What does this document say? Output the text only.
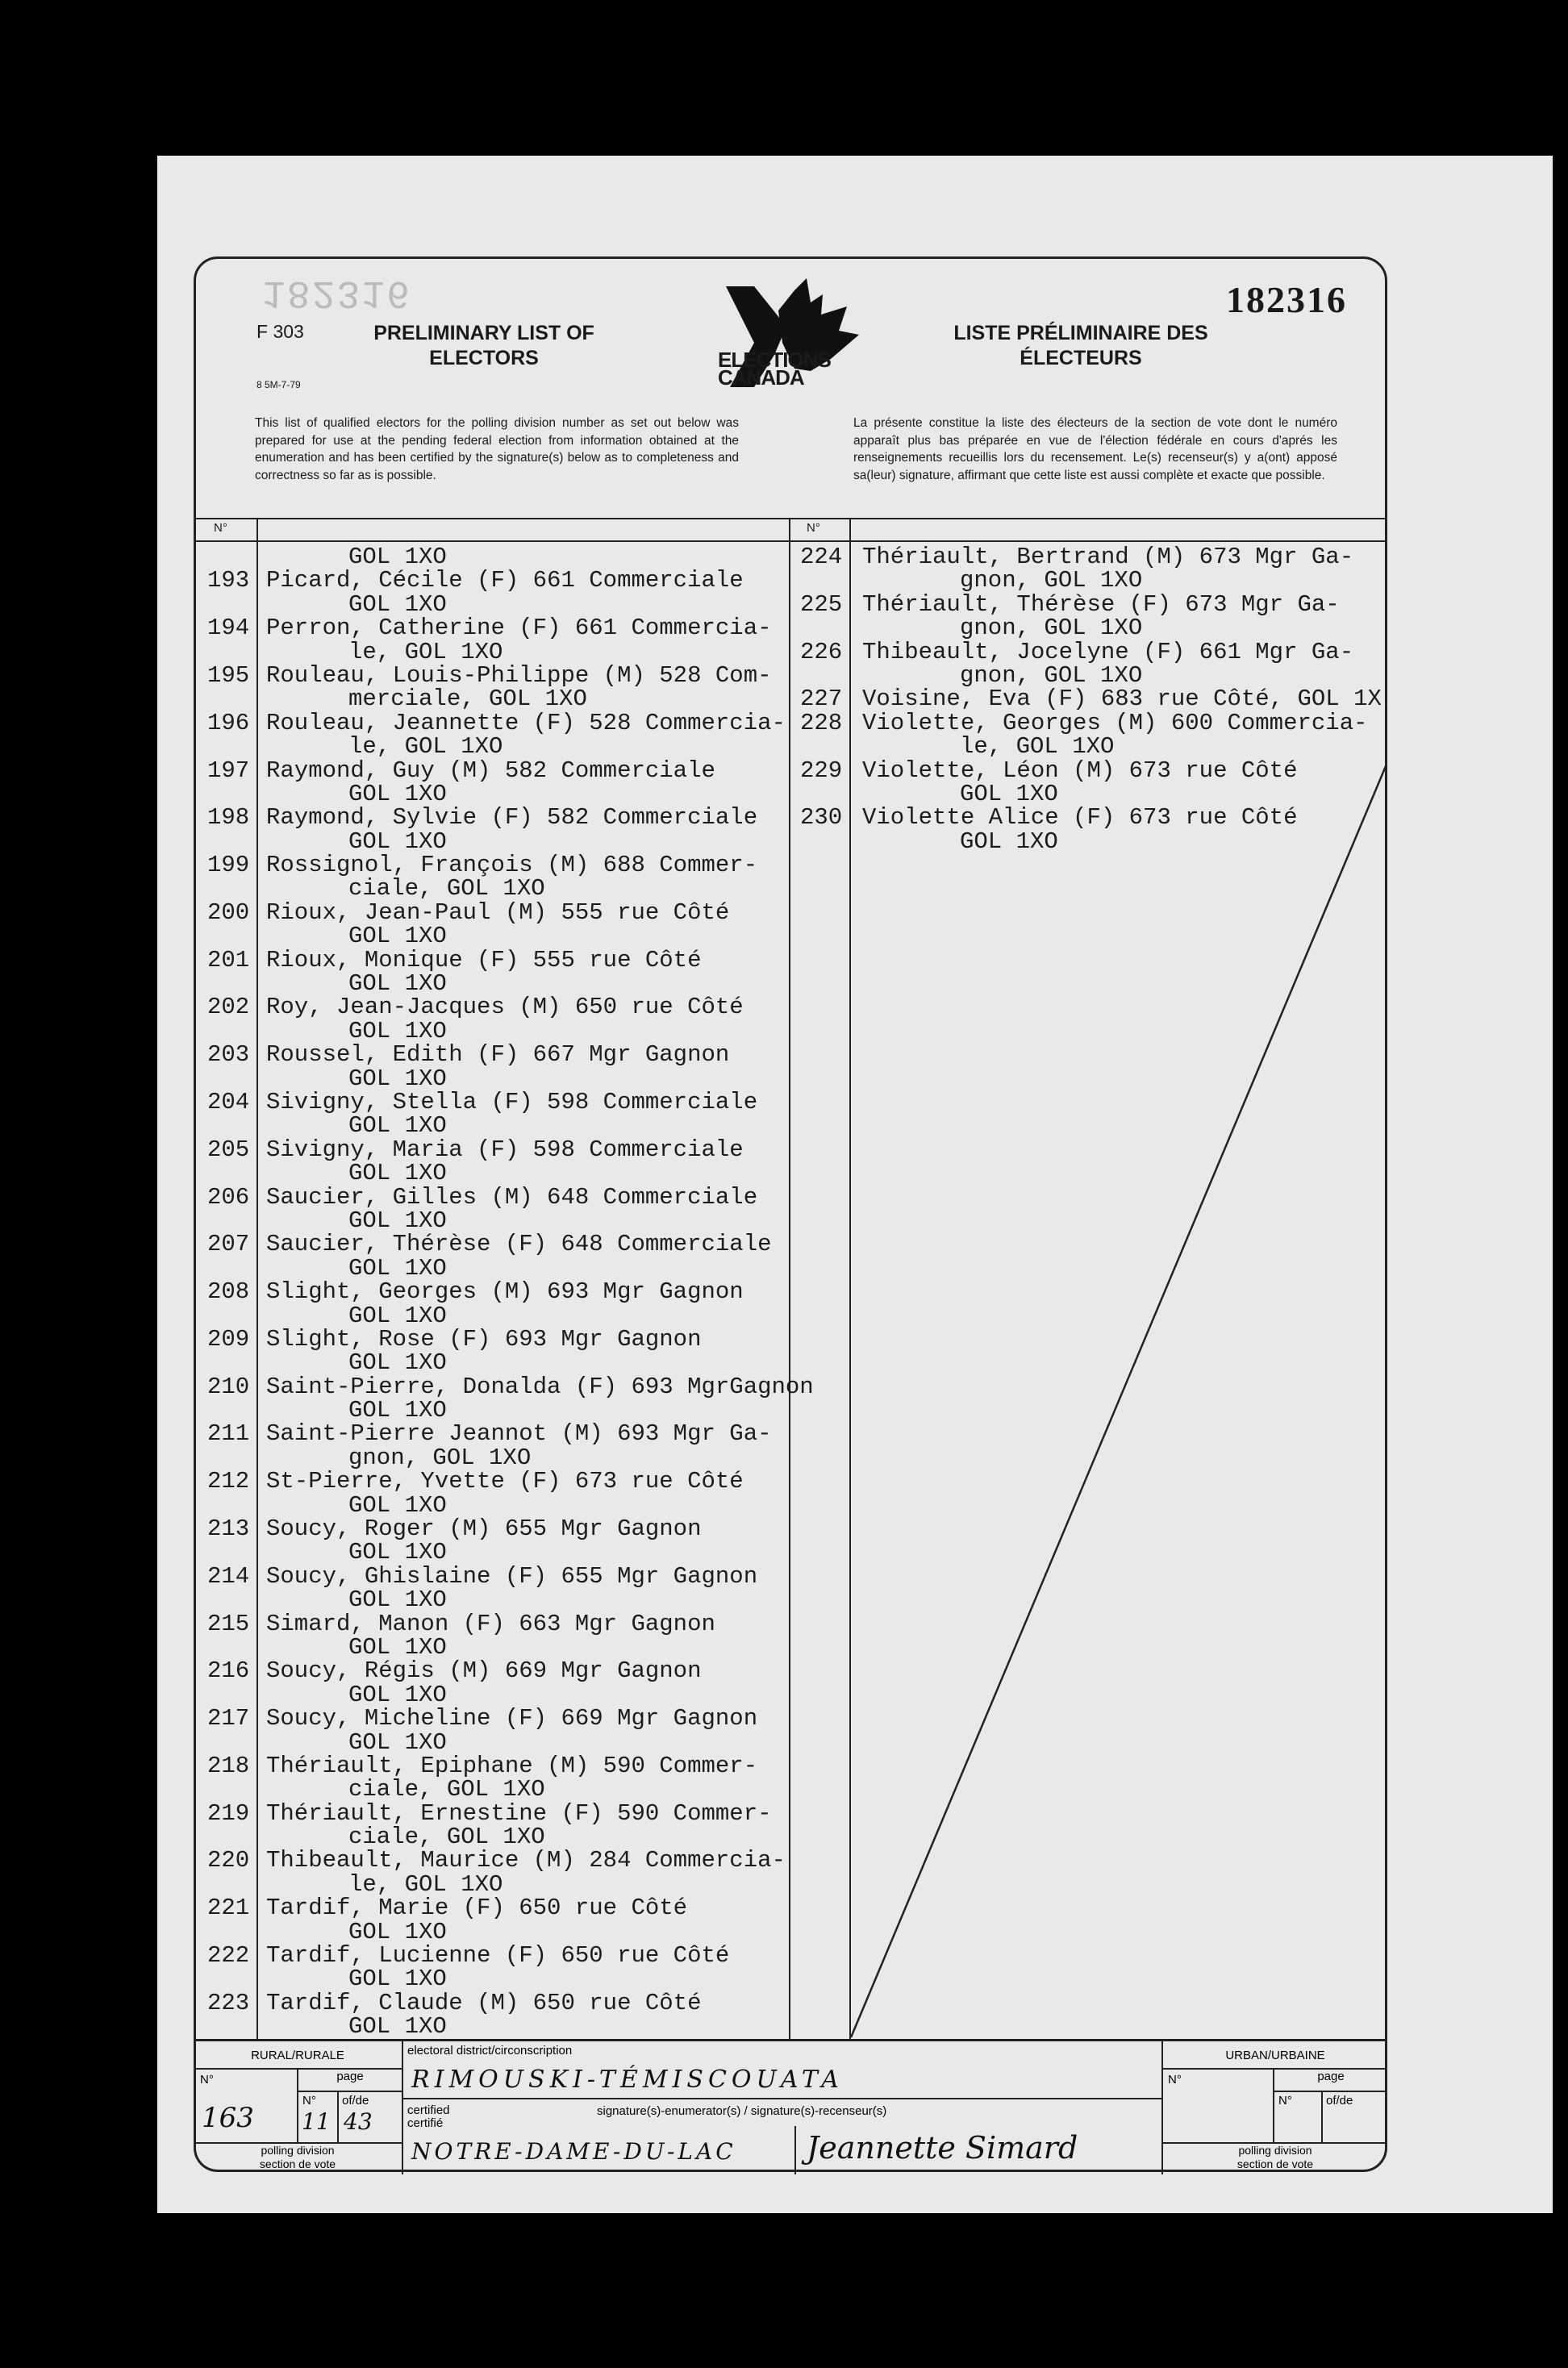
182316	182316
F 303
8 5M-7-79
PRELIMINARY LIST OF ELECTORS
LISTE PRÉLIMINAIRE DES ÉLECTEURS
ELECTIONS
CANADA
This list of qualified electors for the polling division number as set out below was prepared for use at the pending federal election from information obtained at the enumeration and has been certified by the signature(s) below as to completeness and correctness so far as is possible.
La présente constitue la liste des électeurs de la section de vote dont le numéro apparaît plus bas préparée en vue de l'élection fédérale en cours d'aprés les renseignements recueillis lors du recensement. Le(s) recenseur(s) y a(ont) apposé sa(leur) signature, affirmant que cette liste est aussi complète et exacte que possible.
N°	N°
GOL 1XO
193 Picard, Cécile (F) 661 Commerciale
GOL 1XO
194 Perron, Catherine (F) 661 Commercia-
le, GOL 1XO
195 Rouleau, Louis-Philippe (M) 528 Com-
merciale, GOL 1XO
196 Rouleau, Jeannette (F) 528 Commercia-
le, GOL 1XO
197 Raymond, Guy (M) 582 Commerciale
GOL 1XO
198 Raymond, Sylvie (F) 582 Commerciale
GOL 1XO
199 Rossignol, François (M) 688 Commer-
ciale, GOL 1XO
200 Rioux, Jean-Paul (M) 555 rue Côté
GOL 1XO
201 Rioux, Monique (F) 555 rue Côté
GOL 1XO
202 Roy, Jean-Jacques (M) 650 rue Côté
GOL 1XO
203 Roussel, Edith (F) 667 Mgr Gagnon
GOL 1XO
204 Sivigny, Stella (F) 598 Commerciale
GOL 1XO
205 Sivigny, Maria (F) 598 Commerciale
GOL 1XO
206 Saucier, Gilles (M) 648 Commerciale
GOL 1XO
207 Saucier, Thérèse (F) 648 Commerciale
GOL 1XO
208 Slight, Georges (M) 693 Mgr Gagnon
GOL 1XO
209 Slight, Rose (F) 693 Mgr Gagnon
GOL 1XO
210 Saint-Pierre, Donalda (F) 693 MgrGagnon
GOL 1XO
211 Saint-Pierre Jeannot (M) 693 Mgr Ga-
gnon, GOL 1XO
212 St-Pierre, Yvette (F) 673 rue Côté
GOL 1XO
213 Soucy, Roger (M) 655 Mgr Gagnon
GOL 1XO
214 Soucy, Ghislaine (F) 655 Mgr Gagnon
GOL 1XO
215 Simard, Manon (F) 663 Mgr Gagnon
GOL 1XO
216 Soucy, Régis (M) 669 Mgr Gagnon
GOL 1XO
217 Soucy, Micheline (F) 669 Mgr Gagnon
GOL 1XO
218 Thériault, Epiphane (M) 590 Commer-
ciale, GOL 1XO
219 Thériault, Ernestine (F) 590 Commer-
ciale, GOL 1XO
220 Thibeault, Maurice (M) 284 Commercia-
le, GOL 1XO
221 Tardif, Marie (F) 650 rue Côté
GOL 1XO
222 Tardif, Lucienne (F) 650 rue Côté
GOL 1XO
223 Tardif, Claude (M) 650 rue Côté
GOL 1XO
224 Thériault, Bertrand (M) 673 Mgr Ga-
gnon, GOL 1XO
225 Thériault, Thérèse (F) 673 Mgr Ga-
gnon, GOL 1XO
226 Thibeault, Jocelyne (F) 661 Mgr Ga-
gnon, GOL 1XO
227 Voisine, Eva (F) 683 rue Côté, GOL 1X
228 Violette, Georges (M) 600 Commercia-
le, GOL 1XO
229 Violette, Léon (M) 673 rue Côté
GOL 1XO
230 Violette Alice (F) 673 rue Côté
GOL 1XO
RURAL/RURALE
N°
163
page
N°
11
of/de
43
polling division
section de vote
electoral district/circonscription
RIMOUSKI-TÉMISCOUATA
certified
certifié
signature(s)-enumerator(s) / signature(s)-recenseur(s)
NOTRE-DAME-DU-LAC Jeannette Simard
URBAN/URBAINE
N°	page
N°	of/de
polling division
section de vote
